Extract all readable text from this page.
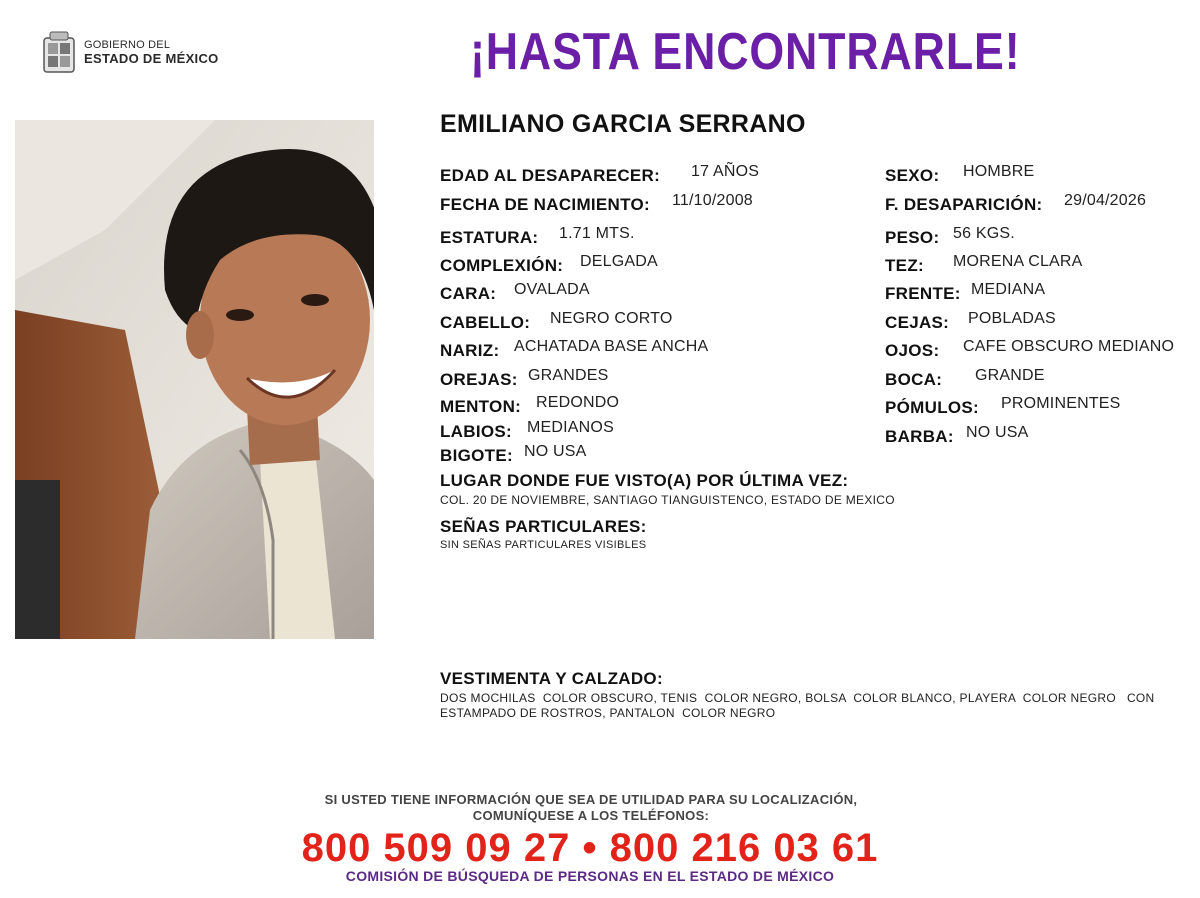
GOBIERNO DEL
ESTADO DE MÉXICO	¡HASTA ENCONTRARLE!
EMILIANO GARCIA SERRANO
EDAD AL DESAPARECER: 17 AÑOS
FECHA DE NACIMIENTO: 11/10/2008
ESTATURA: 1.71 MTS.
COMPLEXIÓN: DELGADA
CARA: OVALADA
CABELLO: NEGRO CORTO
NARIZ: ACHATADA BASE ANCHA
OREJAS: GRANDES
MENTON: REDONDO
LABIOS: MEDIANOS
BIGOTE: NO USA
SEXO: HOMBRE
F. DESAPARICIÓN: 29/04/2026
PESO: 56 KGS.
TEZ: MORENA CLARA
FRENTE: MEDIANA
CEJAS: POBLADAS
OJOS: CAFE OBSCURO MEDIANO
BOCA: GRANDE
PÓMULOS: PROMINENTES
BARBA: NO USA
LUGAR DONDE FUE VISTO(A) POR ÚLTIMA VEZ:
COL. 20 DE NOVIEMBRE, SANTIAGO TIANGUISTENCO, ESTADO DE MEXICO
SEÑAS PARTICULARES:
SIN SEÑAS PARTICULARES VISIBLES
VESTIMENTA Y CALZADO:
DOS MOCHILAS  COLOR OBSCURO, TENIS  COLOR NEGRO, BOLSA  COLOR BLANCO, PLAYERA  COLOR NEGRO   CON
ESTAMPADO DE ROSTROS, PANTALON  COLOR NEGRO
SI USTED TIENE INFORMACIÓN QUE SEA DE UTILIDAD PARA SU LOCALIZACIÓN,
COMUNÍQUESE A LOS TELÉFONOS:
800 509 09 27 • 800 216 03 61
COMISIÓN DE BÚSQUEDA DE PERSONAS EN EL ESTADO DE MÉXICO
